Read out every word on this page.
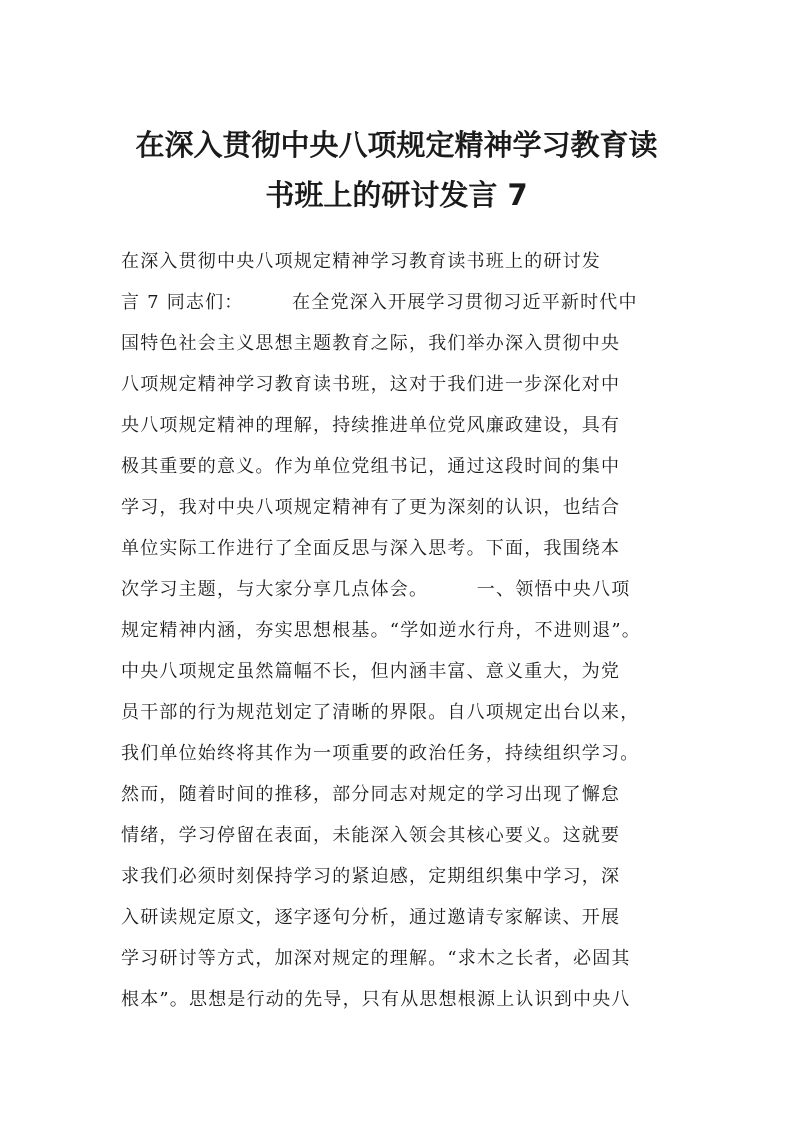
在深入贯彻中央八项规定精神学习教育读
书班上的研讨发言 7

在深入贯彻中央八项规定精神学习教育读书班上的研讨发

言 7 同志们：　　　在全党深入开展学习贯彻习近平新时代中

国特色社会主义思想主题教育之际，我们举办深入贯彻中央

八项规定精神学习教育读书班，这对于我们进一步深化对中

央八项规定精神的理解，持续推进单位党风廉政建设，具有

极其重要的意义。作为单位党组书记，通过这段时间的集中

学习，我对中央八项规定精神有了更为深刻的认识，也结合

单位实际工作进行了全面反思与深入思考。下面，我围绕本

次学习主题，与大家分享几点体会。　　　一、领悟中央八项

规定精神内涵，夯实思想根基。“学如逆水行舟，不进则退”。

中央八项规定虽然篇幅不长，但内涵丰富、意义重大，为党

员干部的行为规范划定了清晰的界限。自八项规定出台以来，

我们单位始终将其作为一项重要的政治任务，持续组织学习。

然而，随着时间的推移，部分同志对规定的学习出现了懈怠

情绪，学习停留在表面，未能深入领会其核心要义。这就要

求我们必须时刻保持学习的紧迫感，定期组织集中学习，深

入研读规定原文，逐字逐句分析，通过邀请专家解读、开展

学习研讨等方式，加深对规定的理解。“求木之长者，必固其

根本”。思想是行动的先导，只有从思想根源上认识到中央八
